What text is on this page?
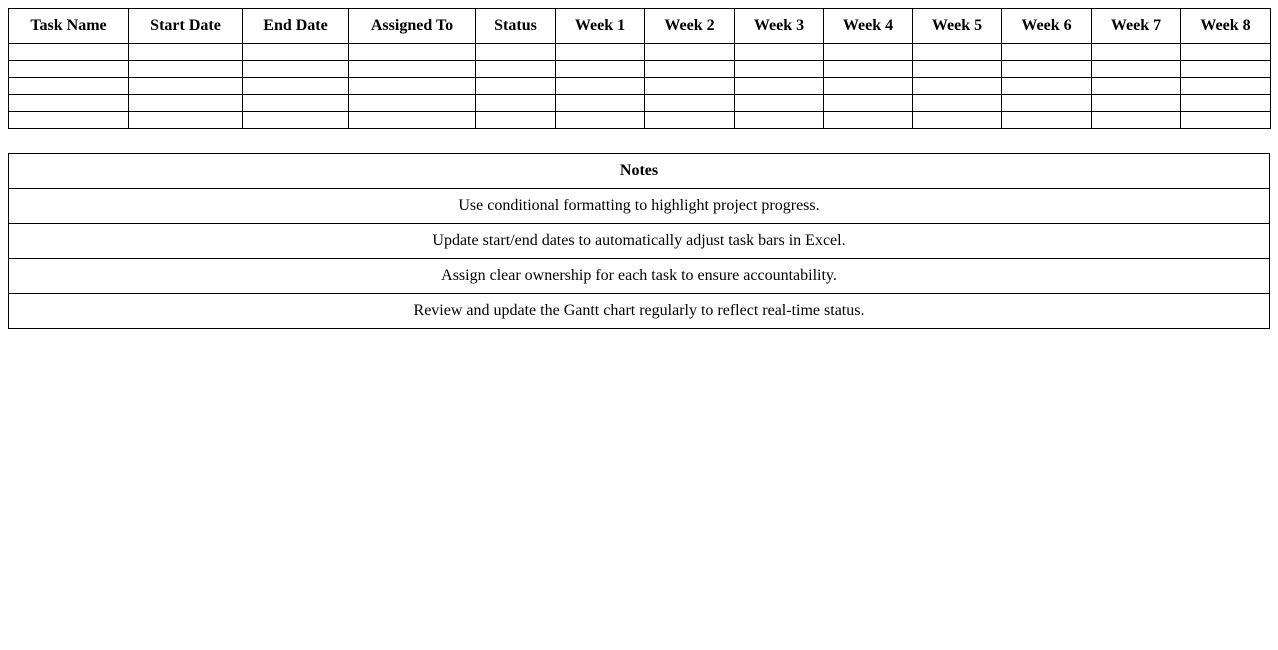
Task Name	Start Date	End Date	Assigned To	Status	Week 1	Week 2	Week 3	Week 4	Week 5	Week 6	Week 7	Week 8

Notes
Use conditional formatting to highlight project progress.
Update start/end dates to automatically adjust task bars in Excel.
Assign clear ownership for each task to ensure accountability.
Review and update the Gantt chart regularly to reflect real-time status.
